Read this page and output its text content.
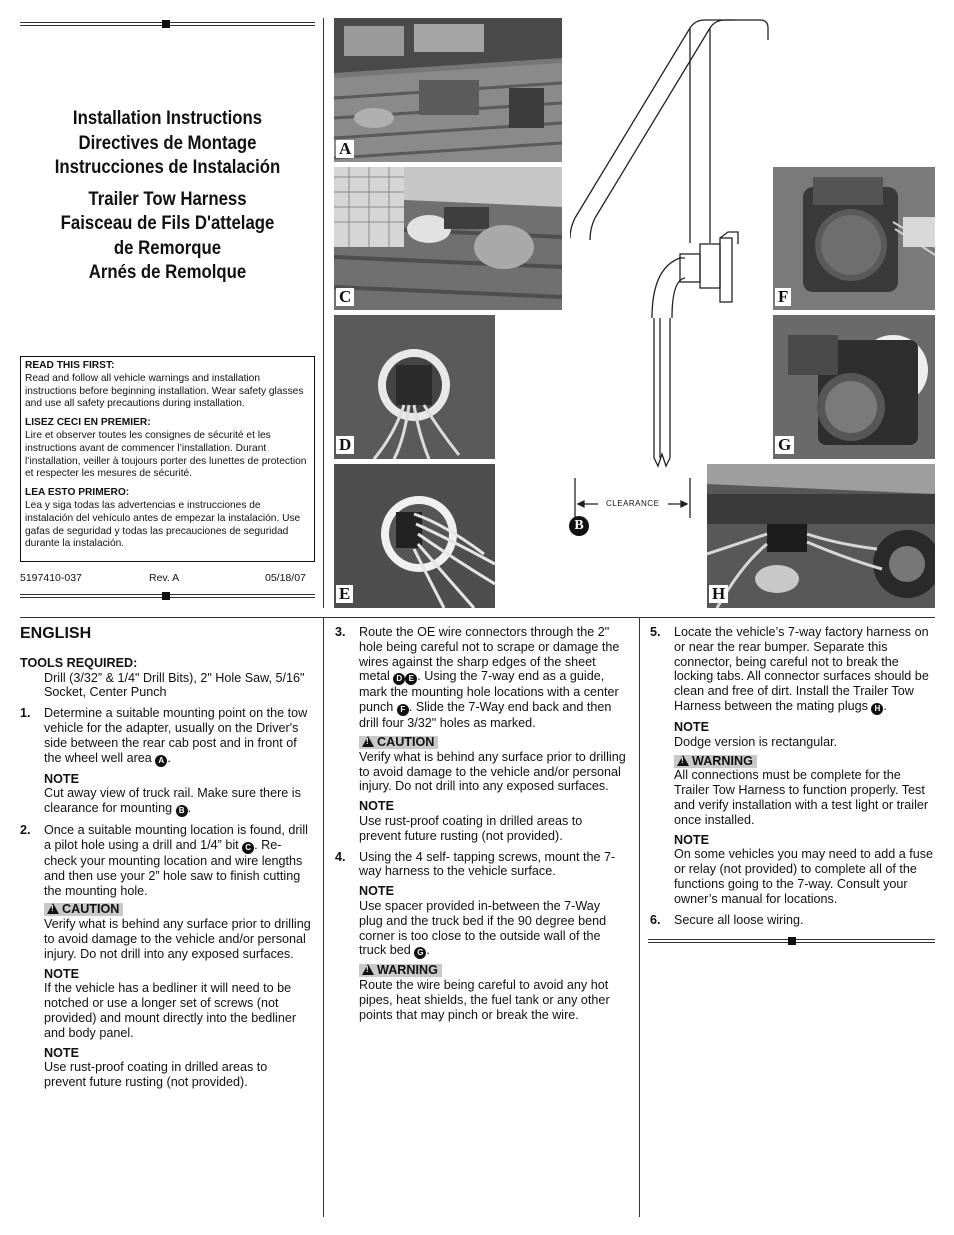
Installation Instructions
Directives de Montage
Instrucciones de Instalación
Trailer Tow Harness
Faisceau de Fils D'attelage
de Remorque
Arnés de Remolque
READ THIS FIRST:
Read and follow all vehicle warnings and installation instructions before beginning installation. Wear safety glasses and use all safety precautions during installation.
LISEZ CECI EN PREMIER:
Lire et observer toutes les consignes de sécurité et les instructions avant de commencer l’installation. Durant l’installation, veiller à toujours porter des lunettes de protection et respecter les mesures de sécurité.
LEA ESTO PRIMERO:
Lea y siga todas las advertencias e instrucciones de instalación del vehículo antes de empezar la instalación. Use gafas de seguridad y todas las precauciones de seguridad durante la instalación.
5197410-037	Rev. A	05/18/07
A
C
D
E
CLEARANCE
B
F
G
H
ENGLISH
TOOLS REQUIRED:
Drill (3/32” & 1/4" Drill Bits), 2" Hole Saw, 5/16" Socket, Center Punch
1. Determine a suitable mounting point on the tow vehicle for the adapter, usually on the Driver's side between the rear cab post and in front of the wheel well area A .
NOTE
Cut away view of truck rail. Make sure there is clearance for mounting B .
2. Once a suitable mounting location is found, drill a pilot hole using a drill and 1/4” bit C . Re-check your mounting location and wire lengths and then use your 2” hole saw to finish cutting the mounting hole.
!CAUTION
Verify what is behind any surface prior to drilling to avoid damage to the vehicle and/or personal injury. Do not drill into any exposed surfaces.
NOTE
If the vehicle has a bedliner it will need to be notched or use a longer set of screws (not provided) and mount directly into the bedliner and body panel.
NOTE
Use rust-proof coating in drilled areas to prevent future rusting (not provided).
3. Route the OE wire connectors through the 2" hole being careful not to scrape or damage the wires against the sharp edges of the sheet metal D E . Using the 7-way end as a guide, mark the mounting hole locations with a center punch F . Slide the 7-Way end back and then drill four 3/32" holes as marked.
!CAUTION
Verify what is behind any surface prior to drilling to avoid damage to the vehicle and/or personal injury. Do not drill into any exposed surfaces.
NOTE
Use rust-proof coating in drilled areas to prevent future rusting (not provided).
4. Using the 4 self- tapping screws, mount the 7-way harness to the vehicle surface.
NOTE
Use spacer provided in-between the 7-Way plug and the truck bed if the 90 degree bend corner is too close to the outside wall of the truck bed G .
!WARNING
Route the wire being careful to avoid any hot pipes, heat shields, the fuel tank or any other points that may pinch or break the wire.
5. Locate the vehicle’s 7-way factory harness on or near the rear bumper. Separate this connector, being careful not to break the locking tabs. All connector surfaces should be clean and free of dirt. Install the Trailer Tow Harness between the mating plugs H .
NOTE
Dodge version is rectangular.
!WARNING
All connections must be complete for the Trailer Tow Harness to function properly. Test and verify installation with a test light or trailer once installed.
NOTE
On some vehicles you may need to add a fuse or relay (not provided) to complete all of the functions going to the 7-way. Consult your owner’s manual for locations.
6. Secure all loose wiring.
